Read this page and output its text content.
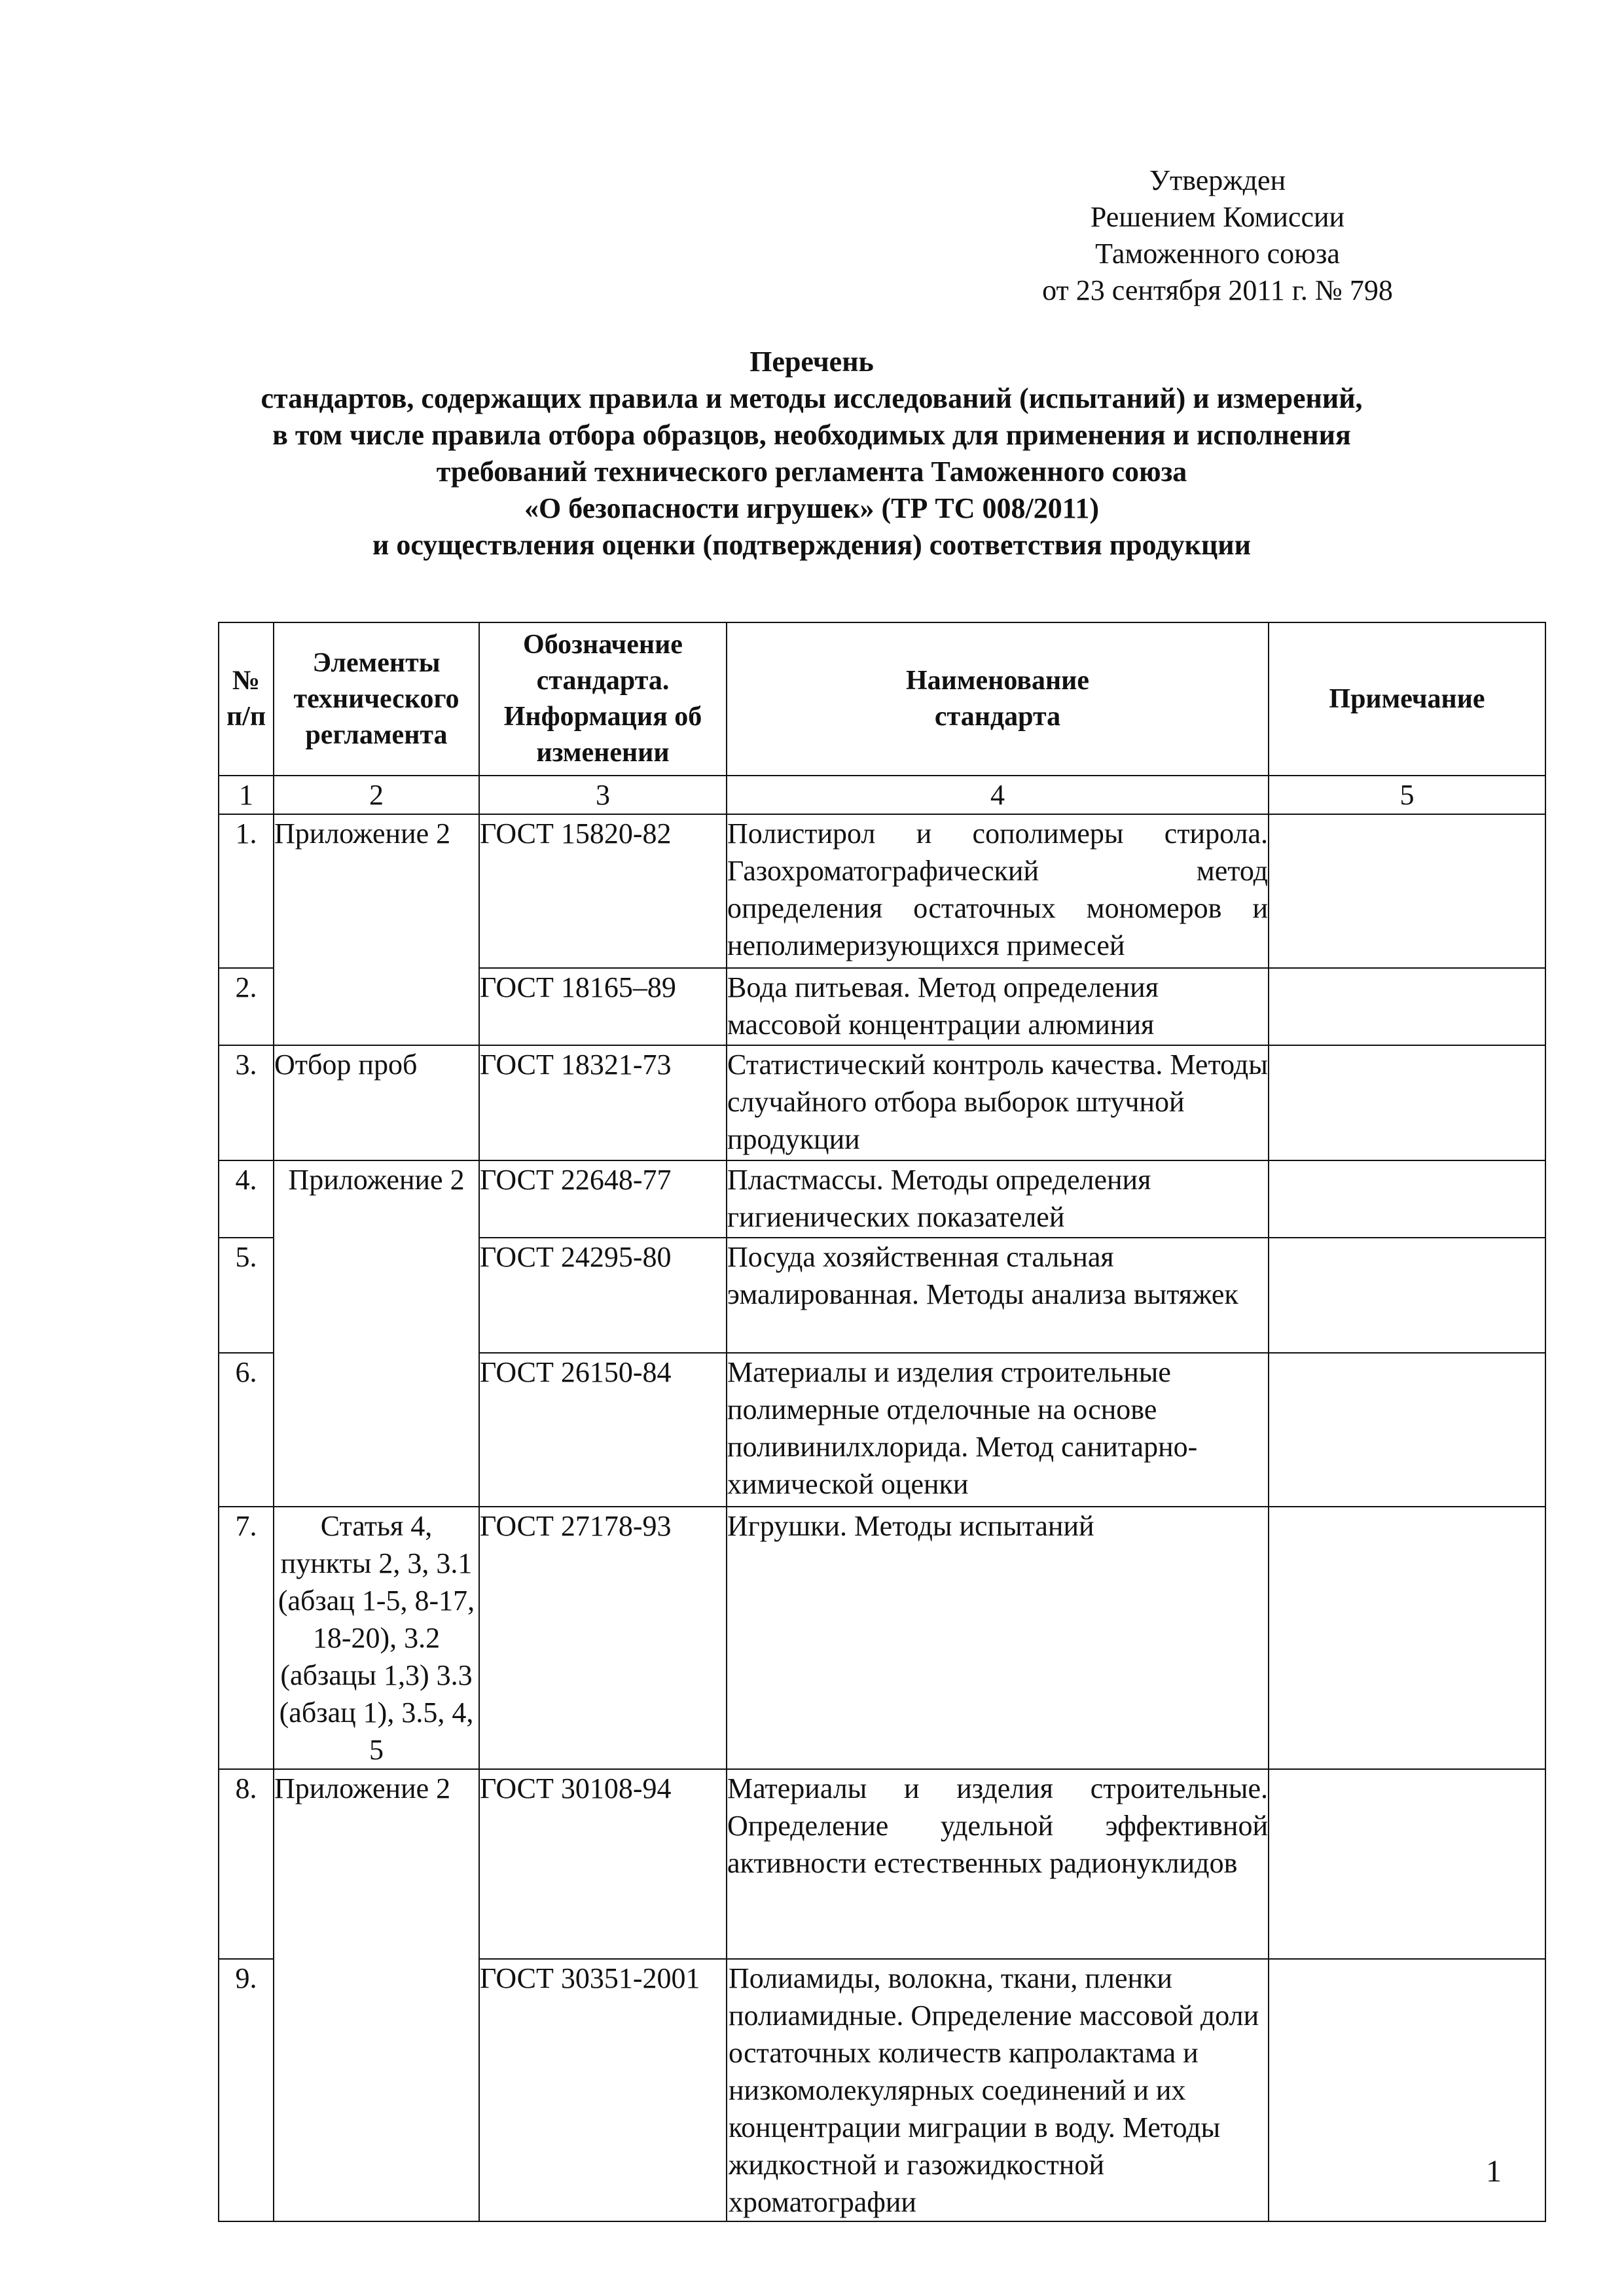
Утвержден
Решением Комиссии
Таможенного союза
от 23 сентября 2011 г. № 798
Перечень
стандартов, содержащих правила и методы исследований (испытаний) и измерений,
в том числе правила отбора образцов, необходимых для применения и исполнения
требований технического регламента Таможенного союза
«О безопасности игрушек» (ТР ТС 008/2011)
и осуществления оценки (подтверждения) соответствия продукции
№ п/п	Элементы технического регламента	Обозначение стандарта. Информация об изменении	Наименование стандарта	Примечание
1	2	3	4	5
1.	Приложение 2	ГОСТ 15820-82	Полистирол и сополимеры стирола. Газохроматографический метод определения остаточных мономеров и неполимеризующихся примесей	

2.		ГОСТ 18165–89	Вода питьевая. Метод определения массовой концентрации алюминия	
3.	Отбор проб	ГОСТ 18321-73	Статистический контроль качества. Методы случайного отбора выборок штучной продукции	
4.	Приложение 2	ГОСТ 22648-77	Пластмассы. Методы определения гигиенических показателей	
5.		ГОСТ 24295-80	Посуда хозяйственная стальная эмалированная. Методы анализа вытяжек	
6.		ГОСТ 26150-84	Материалы и изделия строительные полимерные отделочные на основе поливинилхлорида. Метод санитарно-химической оценки	
7.	Статья 4, пункты 2, 3, 3.1 (абзац 1-5, 8-17, 18-20), 3.2 (абзацы 1,3) 3.3 (абзац 1), 3.5, 4, 5	ГОСТ 27178-93	Игрушки. Методы испытаний	
8.	Приложение 2	ГОСТ 30108-94	Материалы и изделия строительные. Определение удельной эффективной активности естественных радионуклидов	

9.		ГОСТ 30351-2001	Полиамиды, волокна, ткани, пленки полиамидные. Определение массовой доли остаточных количеств капролактама и низкомолекулярных соединений и их концентрации миграции в воду. Методы жидкостной и газожидкостной хроматографии	
1
